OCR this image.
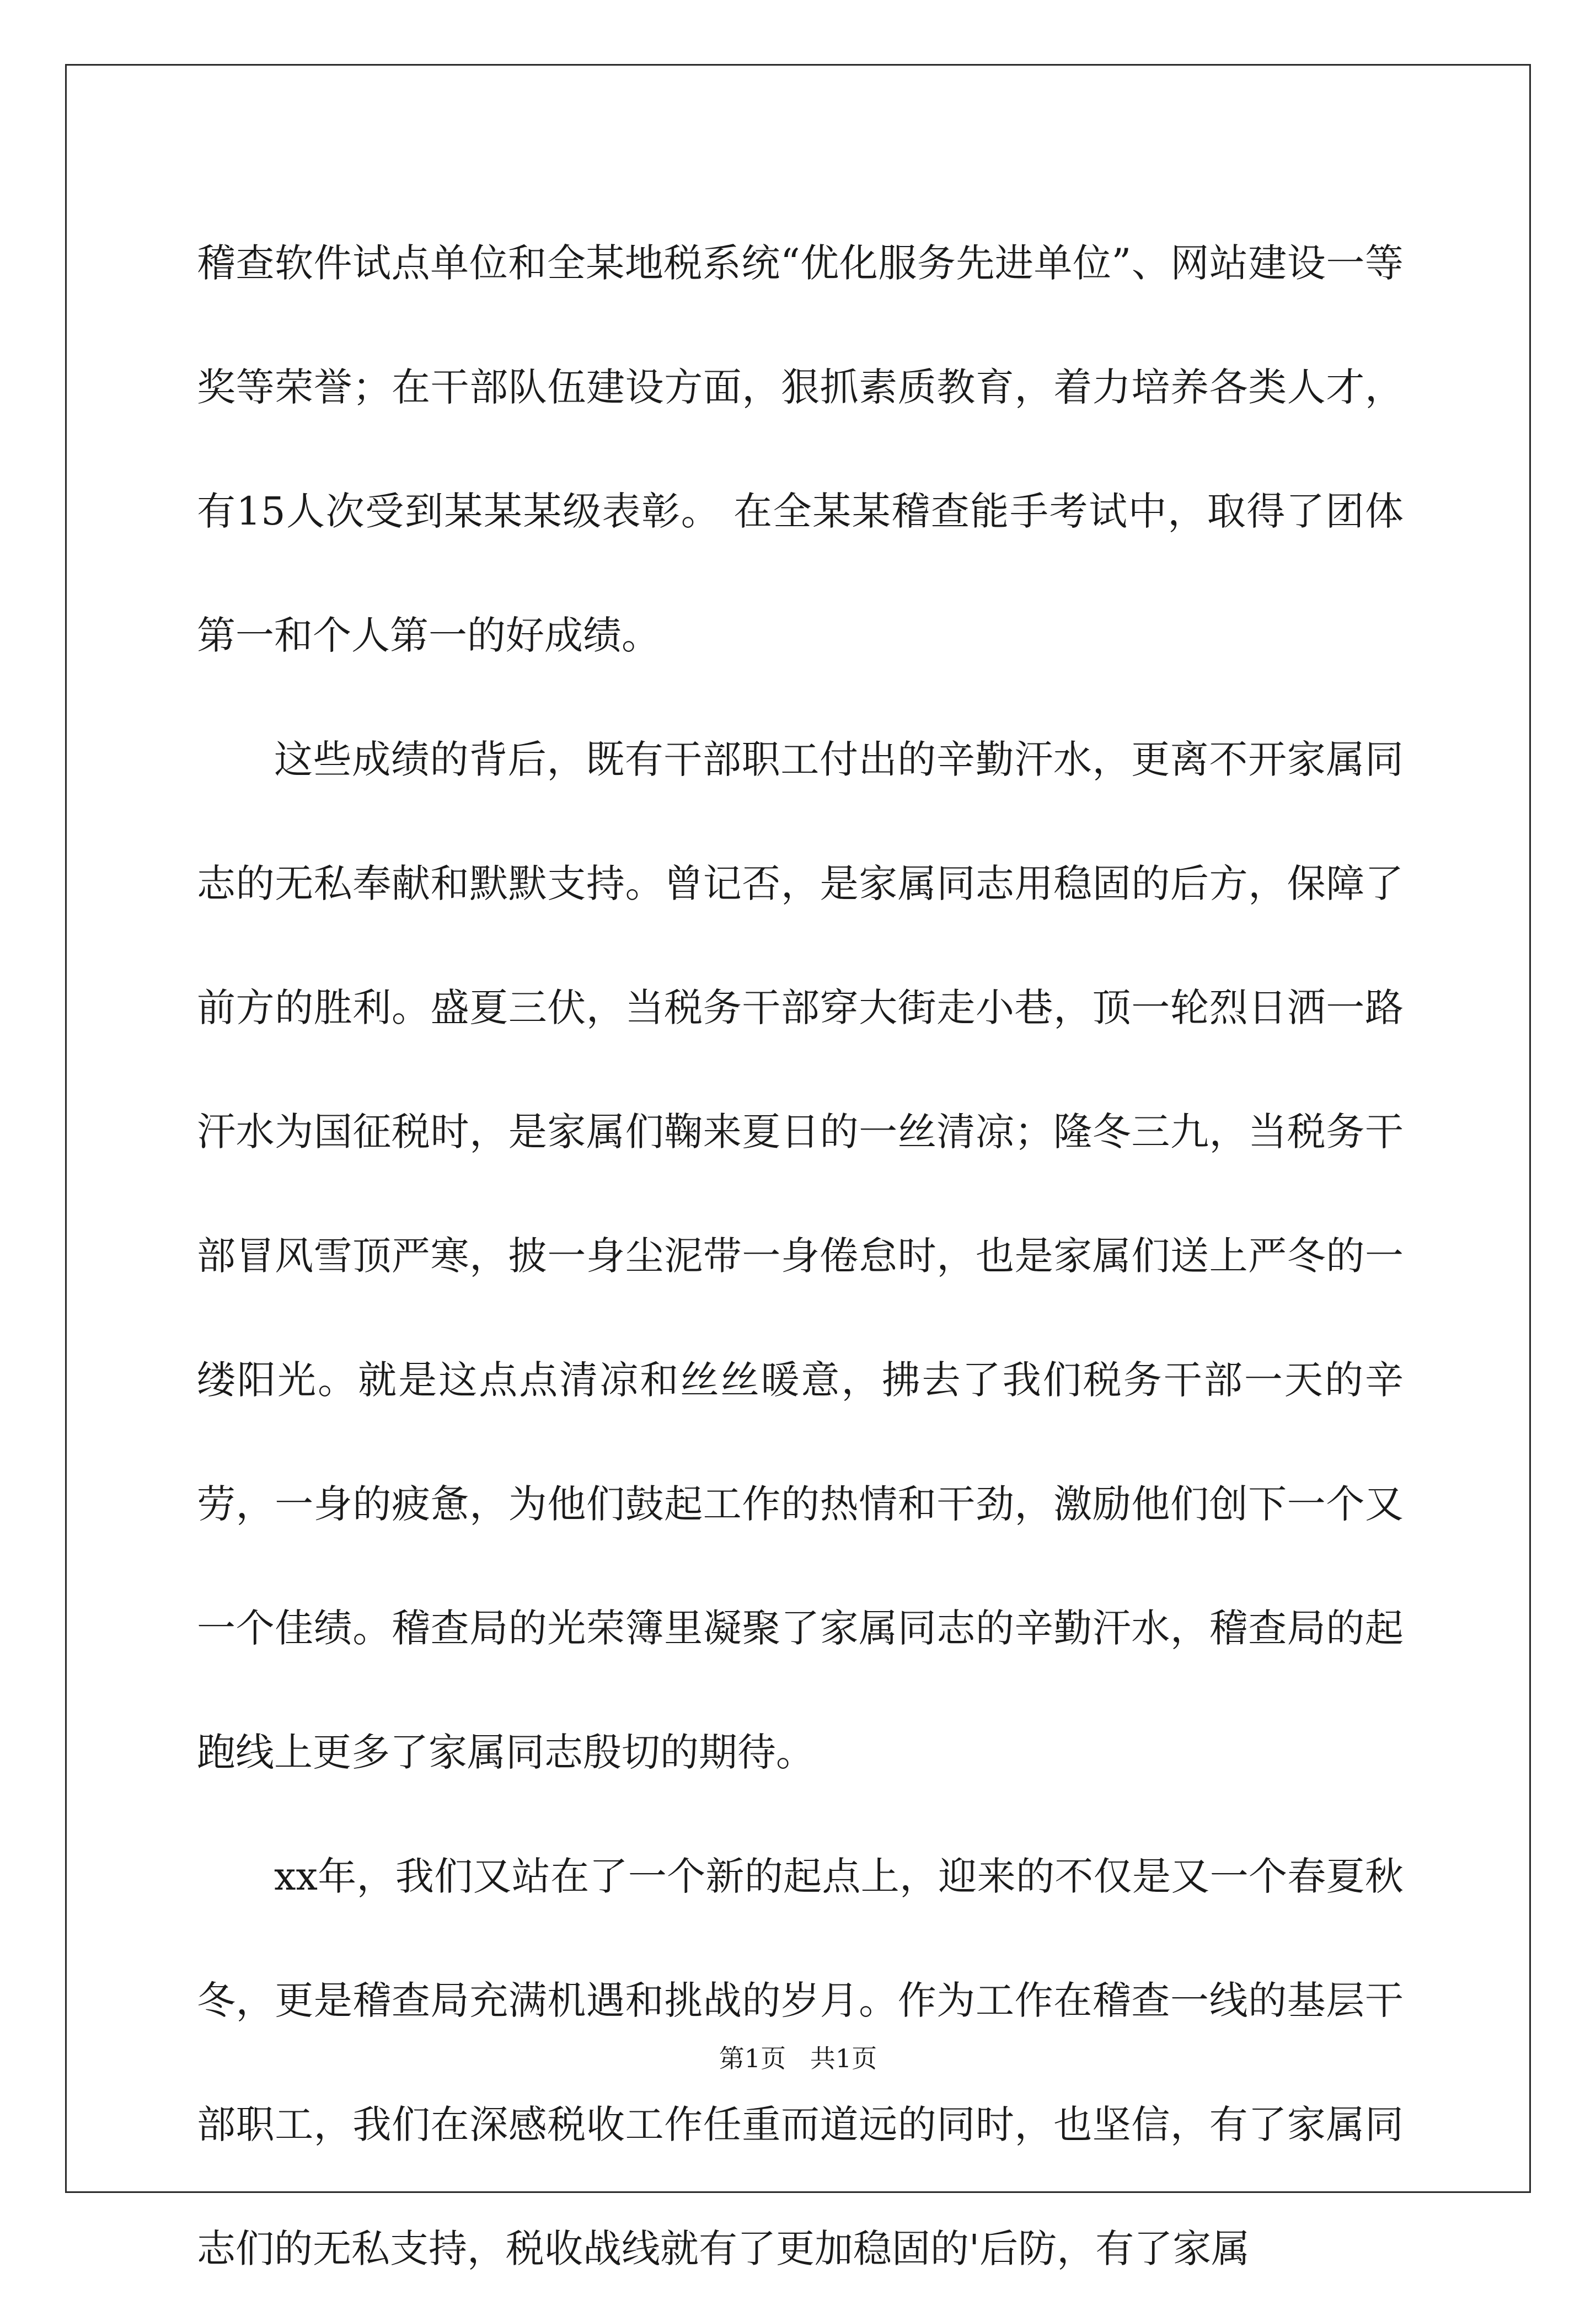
稽查软件试点单位和全某地税系统“优化服务先进单位”、网站建设一等奖等荣誉；在干部队伍建设方面，狠抓素质教育，着力培养各类人才，有15人次受到某某某级表彰。 在全某某稽查能手考试中，取得了团体第一和个人第一的好成绩。

这些成绩的背后，既有干部职工付出的辛勤汗水，更离不开家属同志的无私奉献和默默支持。曾记否，是家属同志用稳固的后方，保障了前方的胜利。盛夏三伏，当税务干部穿大街走小巷，顶一轮烈日洒一路汗水为国征税时，是家属们鞠来夏日的一丝清凉；隆冬三九，当税务干部冒风雪顶严寒，披一身尘泥带一身倦怠时，也是家属们送上严冬的一缕阳光。就是这点点清凉和丝丝暖意，拂去了我们税务干部一天的辛劳，一身的疲惫，为他们鼓起工作的热情和干劲，激励他们创下一个又一个佳绩。稽查局的光荣簿里凝聚了家属同志的辛勤汗水，稽查局的起跑线上更多了家属同志殷切的期待。

xx年，我们又站在了一个新的起点上，迎来的不仅是又一个春夏秋冬，更是稽查局充满机遇和挑战的岁月。作为工作在稽查一线的基层干部职工，我们在深感税收工作任重而道远的同时，也坚信，有了家属同志们的无私支持，税收战线就有了更加稳固的'后防，有了家属

第1页   共1页
